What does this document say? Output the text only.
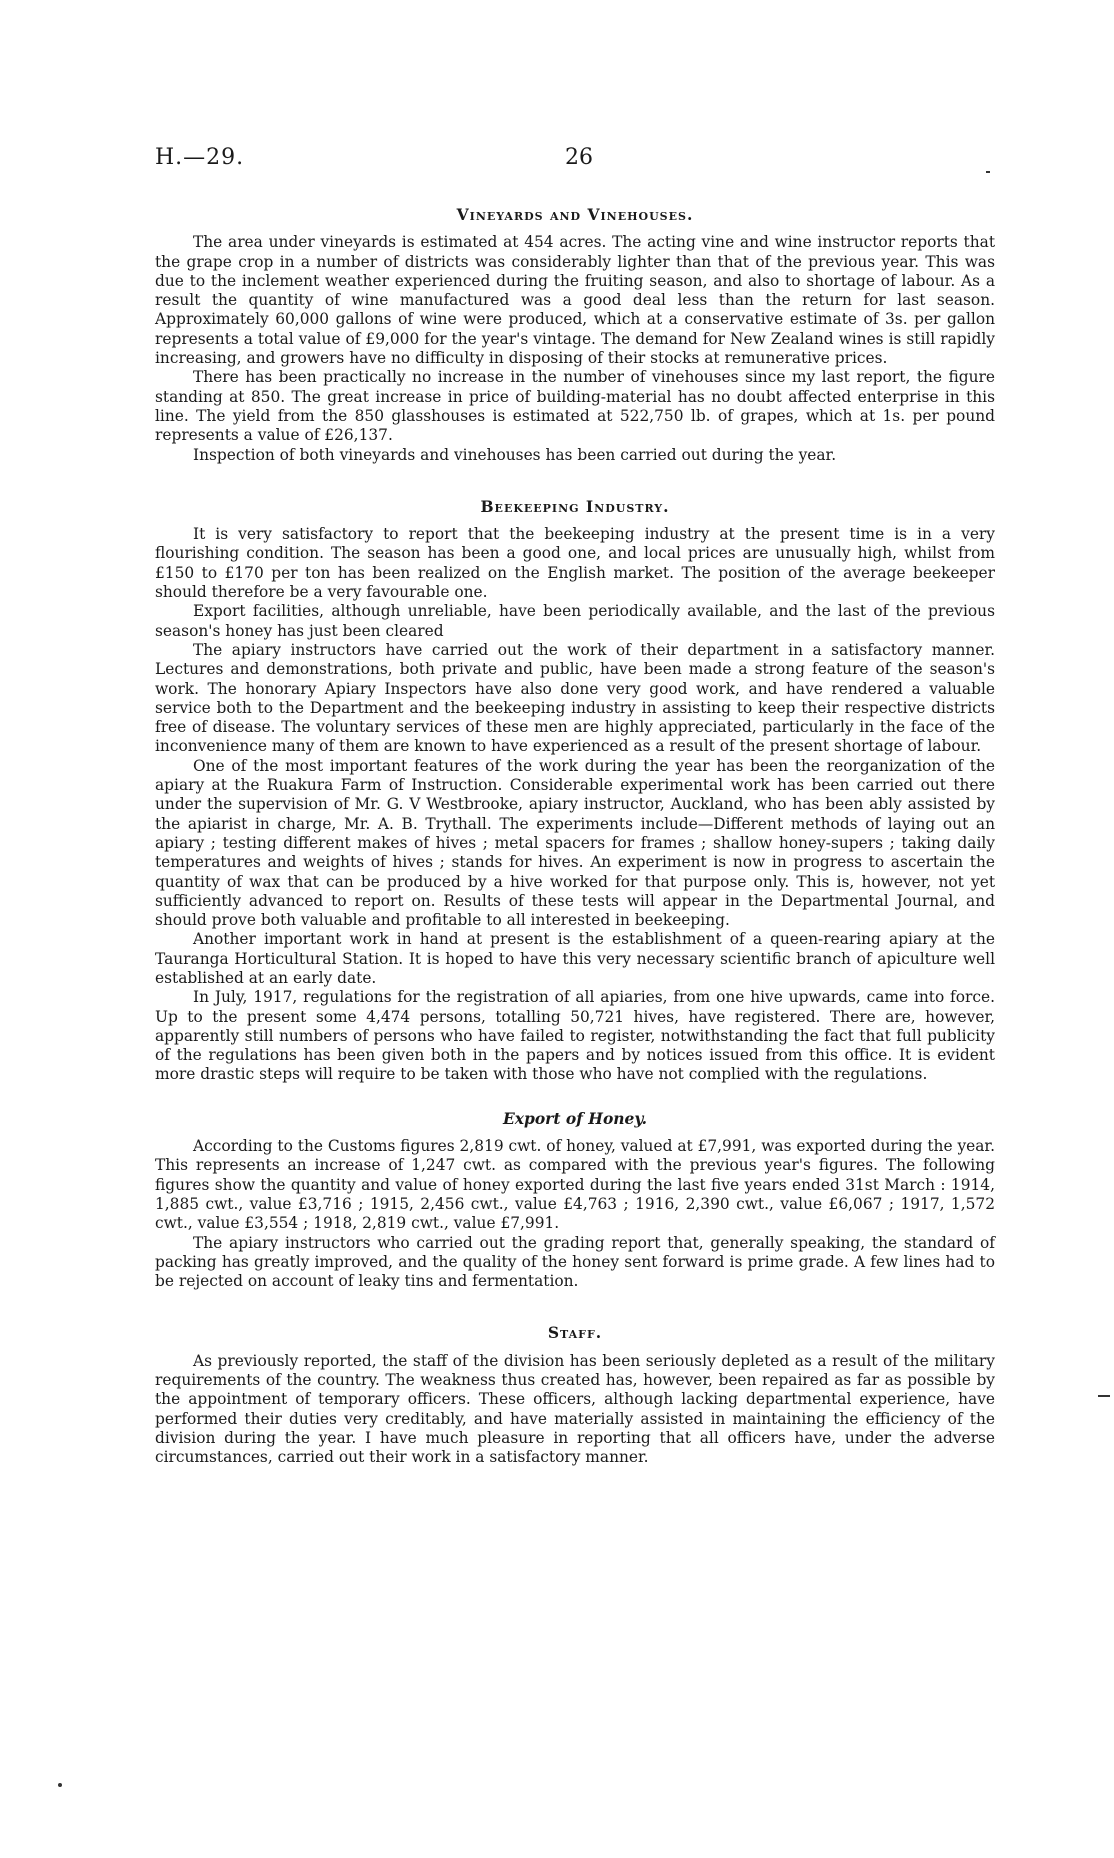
H.—29.	26
Vineyards and Vinehouses.

The area under vineyards is estimated at 454 acres. The acting vine and wine instructor reports that the grape crop in a number of districts was considerably lighter than that of the previous year. This was due to the inclement weather experienced during the fruiting season, and also to shortage of labour. As a result the quantity of wine manufactured was a good deal less than the return for last season. Approximately 60,000 gallons of wine were produced, which at a conservative estimate of 3s. per gallon represents a total value of £9,000 for the year's vintage. The demand for New Zealand wines is still rapidly increasing, and growers have no difficulty in disposing of their stocks at remunerative prices.

There has been practically no increase in the number of vinehouses since my last report, the figure standing at 850. The great increase in price of building-material has no doubt affected enterprise in this line. The yield from the 850 glasshouses is estimated at 522,750 lb. of grapes, which at 1s. per pound represents a value of £26,137.

Inspection of both vineyards and vinehouses has been carried out during the year.

Beekeeping Industry.

It is very satisfactory to report that the beekeeping industry at the present time is in a very flourishing condition. The season has been a good one, and local prices are unusually high, whilst from £150 to £170 per ton has been realized on the English market. The position of the average beekeeper should therefore be a very favourable one.

Export facilities, although unreliable, have been periodically available, and the last of the previous season's honey has just been cleared

The apiary instructors have carried out the work of their department in a satisfactory manner. Lectures and demonstrations, both private and public, have been made a strong feature of the season's work. The honorary Apiary Inspectors have also done very good work, and have rendered a valuable service both to the Department and the beekeeping industry in assisting to keep their respective districts free of disease. The voluntary services of these men are highly appreciated, particularly in the face of the inconvenience many of them are known to have experienced as a result of the present shortage of labour.

One of the most important features of the work during the year has been the reorganization of the apiary at the Ruakura Farm of Instruction. Considerable experimental work has been carried out there under the supervision of Mr. G. V Westbrooke, apiary instructor, Auckland, who has been ably assisted by the apiarist in charge, Mr. A. B. Trythall. The experiments include—Different methods of laying out an apiary ; testing different makes of hives ; metal spacers for frames ; shallow honey-supers ; taking daily temperatures and weights of hives ; stands for hives. An experiment is now in progress to ascertain the quantity of wax that can be produced by a hive worked for that purpose only. This is, however, not yet sufficiently advanced to report on. Results of these tests will appear in the Departmental Journal, and should prove both valuable and profitable to all interested in beekeeping.

Another important work in hand at present is the establishment of a queen-rearing apiary at the Tauranga Horticultural Station. It is hoped to have this very necessary scientific branch of apiculture well established at an early date.

In July, 1917, regulations for the registration of all apiaries, from one hive upwards, came into force. Up to the present some 4,474 persons, totalling 50,721 hives, have registered. There are, however, apparently still numbers of persons who have failed to register, notwithstanding the fact that full publicity of the regulations has been given both in the papers and by notices issued from this office. It is evident more drastic steps will require to be taken with those who have not complied with the regulations.

Export of Honey.

According to the Customs figures 2,819 cwt. of honey, valued at £7,991, was exported during the year. This represents an increase of 1,247 cwt. as compared with the previous year's figures. The following figures show the quantity and value of honey exported during the last five years ended 31st March : 1914, 1,885 cwt., value £3,716 ; 1915, 2,456 cwt., value £4,763 ; 1916, 2,390 cwt., value £6,067 ; 1917, 1,572 cwt., value £3,554 ; 1918, 2,819 cwt., value £7,991.

The apiary instructors who carried out the grading report that, generally speaking, the standard of packing has greatly improved, and the quality of the honey sent forward is prime grade. A few lines had to be rejected on account of leaky tins and fermentation.

Staff.

As previously reported, the staff of the division has been seriously depleted as a result of the military requirements of the country. The weakness thus created has, however, been repaired as far as possible by the appointment of temporary officers. These officers, although lacking departmental experience, have performed their duties very creditably, and have materially assisted in maintaining the efficiency of the division during the year. I have much pleasure in reporting that all officers have, under the adverse circumstances, carried out their work in a satisfactory manner.
